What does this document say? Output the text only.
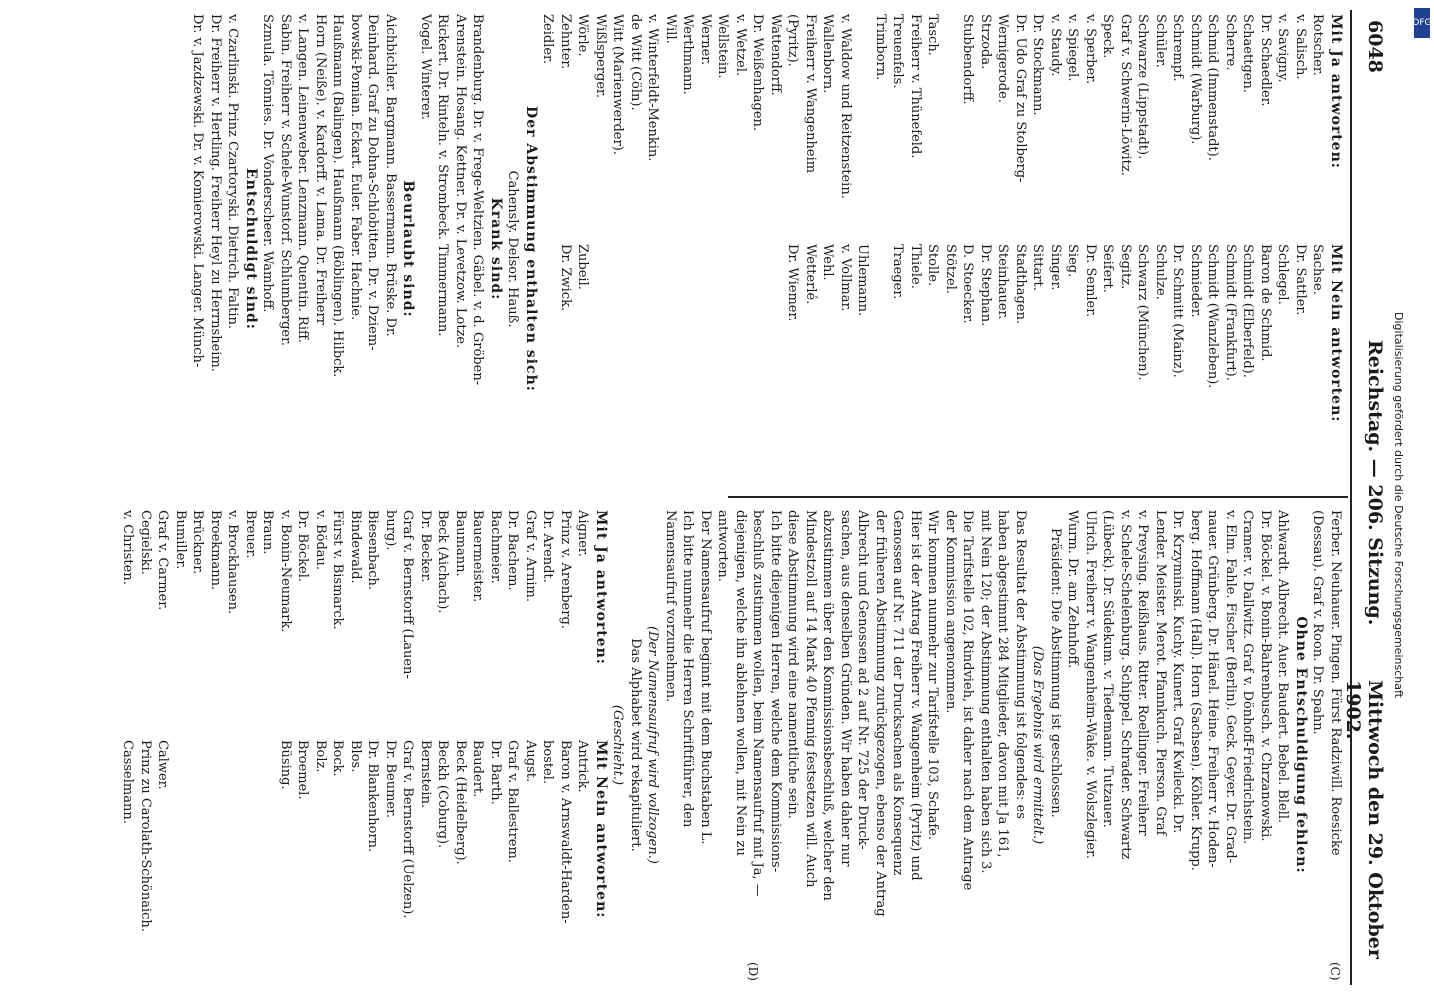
6048
Reichstag. — 206. Sitzung.
Mittwoch den 29. Oktober 1902.
(C)
(D)
Mit Ja antworten:
Mit Nein antworten:
Rotscher.
Sachse.
v. Salisch.
Dr. Sattler.
v. Savigny.
Schlegel.
Dr. Schaedler.
Baron de Schmid.
Schaettgen.
Schmidt (Elberfeld).
Scherre.
Schmidt (Frankfurt).
Schmid (Immenstadt).
Schmidt (Wanzleben).
Schmidt (Warburg).
Schmieder.
Schrempf.
Dr. Schmitt (Mainz).
Schüler.
Schulze.
Schwarze (Lippstadt).
Schwarz (München).
Graf v. Schwerin-Löwitz.
Segitz.
Speck.
Seifert.
v. Sperber.
Dr. Semler.
v. Spiegel.
Sieg.
v. Staudy.
Singer.
Dr. Stockmann.
Sittart.
Dr. Udo Graf zu Stolberg-
Stadthagen.
Wernigerode.
Steinhauer.
Strzoda.
Dr. Stephan.
Stubbendorff.
D. Stoecker.
Stötzel.
Tasch.
Stolle.
Freiherr v. Thünefeld.
Thiele.
Treuenfels.
Traeger.
Trimborn.
Uhlemann.
v. Waldow und Reitzenstein.
v. Vollmar.
Wallenborn.
Wehl.
Freiherr v. Wangenheim
Wetterlé.
(Pyritz).
Dr. Wiemer.
Wattendorff.
Dr. Weißenhagen.
v. Wetzel.
Wellstein.
Werner.
Werthmann.
Will.
v. Winterfeldt-Menkin.
de Witt (Cöln).
Witt (Marienwerder).
Wißlsperger.
Wörle.
Zubeil.
Zehnter.
Dr. Zwick.
Zeidler.
Der Abstimmung enthalten sich:
Cahensly. Delsor. Hauß.
Krank sind:
Brandenburg. Dr. v. Frege-Weltzien. Gäbel. v. d. Gröben-
Arenstein. Hosang. Kettner. Dr. v. Levetzow. Lotze.
Rickert. Dr. Rinteln. v. Strombeck. Timmermann.
Vogel. Winterer.
Beurlaubt sind:
Aichbichler. Bargmann. Bassermann. Brüske. Dr.
Deinhard. Graf zu Dohna-Schlobitten. Dr. v. Dziem-
bowski-Pomian. Eckart. Euler. Faber. Hachnie.
Haußmann (Balingen). Haußmann (Böblingen). Hilbck.
Horn (Neiße). v. Kardorff. v. Lama. Dr. Freiherr
v. Langen. Leinenweber. Lenzmann. Quentin. Riff.
Sabin. Freiherr v. Schele-Wunstorf. Schlumberger.
Szmula. Tönnies. Dr. Vonderscheer. Wamhoff.
Entschuldigt sind:
v. Czarlinski. Prinz Czartoryski. Dietrich. Faltin.
Dr. Freiherr v. Hertling. Freiherr Heyl zu Herrnsheim.
Dr. v. Jazdzewski. Dr. v. Komierowski. Langer. Münch-
Ferber. Neuhauer. Pingen. Fürst Radziwill. Roesicke
(Dessau). Graf v. Roon. Dr. Spahn.
Ohne Entschuldigung fehlen:
Ahlwardt. Albrecht. Auer. Baudert. Bebel. Blell.
Dr. Böckel. v. Bonin-Bahrenbusch. v. Chrzanowski.
Cramer. v. Dallwitz. Graf v. Dönhoff-Friedrichstein.
v. Elm. Fahle. Fischer (Berlin). Geck. Geyer. Dr. Grad-
nauer. Grünberg. Dr. Hänel. Heine. Freiherr v. Hoden-
berg. Hoffmann (Hall). Horn (Sachsen). Köhler. Krupp.
Dr. Krzyminski. Kuchy. Kunert. Graf Kwilecki. Dr.
Lender. Meister. Merot. Pfannkuch. Pierson. Graf
v. Preysing. Reißhaus. Ritter. Roellinger. Freiherr
v. Schele-Schelenburg. Schippel. Schrader. Schwartz
(Lübeck). Dr. Südekum. v. Tiedemann. Tutzauer.
Ulrich. Freiherr v. Wangenheim-Wake. v. Wolszlegier.
Wurm. Dr. am Zehnhoff.
Präsident: Die Abstimmung ist geschlossen.
(Das Ergebnis wird ermittelt.)
Das Resultat der Abstimmung ist folgendes: es
haben abgestimmt 284 Mitglieder, davon mit Ja 161,
mit Nein 120; der Abstimmung enthalten haben sich 3.
Die Tarifstelle 102, Rindvieh, ist daher nach dem Antrage
der Kommission angenommen.
Wir kommen nunmehr zur Tarifstelle 103, Schafe.
Hier ist der Antrag Freiherr v. Wangenheim (Pyritz) und
Genossen auf Nr. 711 der Drucksachen als Konsequenz
der früheren Abstimmung zurückgezogen, ebenso der Antrag
Albrecht und Genossen ad 2 auf Nr. 725 der Druck-
sachen, aus denselben Gründen. Wir haben daher nur
abzustimmen über den Kommissionsbeschluß, welcher den
Mindestzoll auf 14 Mark 40 Pfennig festsetzen will. Auch
diese Abstimmung wird eine namentliche sein.
Ich bitte diejenigen Herren, welche dem Kommissions-
beschluß zustimmen wollen, beim Namensaufruf mit Ja, —
diejenigen, welche ihn ablehnen wollen, mit Nein zu
antworten.
Der Namensaufruf beginnt mit dem Buchstaben L.
Ich bitte nunmehr die Herren Schriftführer, den
Namensaufruf vorzunehmen.
(Der Namensaufruf wird vollzogen.)
Das Alphabet wird rekapituliert.
(Geschieht.)
Mit Ja antworten:
Mit Nein antworten:
Aigner.
Antrick.
Prinz v. Arenberg.
Baron v. Arnswaldt-Harden-
Dr. Arendt.
bostel.
Graf v. Arnim.
Augst.
Dr. Bachem.
Graf v. Ballestrem.
Bachmeier.
Dr. Barth.
Bauermeister.
Baudert.
Baumann.
Beck (Heidelberg).
Beck (Aichach).
Beckh (Coburg).
Dr. Becker.
Bernstein.
Graf v. Bernstorff (Lauen-
Graf v. Bernstorff (Uelzen).
burg).
Dr. Beumer.
Biesenbach.
Dr. Blankenhorn.
Bindewald.
Blos.
Fürst v. Bismarck.
Bock.
v. Bödau.
Bolz.
Dr. Böckel.
Broemel.
v. Bonin-Neumark.
Büsing.
Braun.
Breuer.
v. Brockhausen.
Broekmann.
Brückner.
Bumiller.
Graf v. Carmer.
Calwer.
Cegielski.
Prinz zu Carolath-Schönaich.
v. Christen.
Casselmann.
Digitalisierung gefördert durch die Deutsche Forschungsgemeinschaft
DFG
